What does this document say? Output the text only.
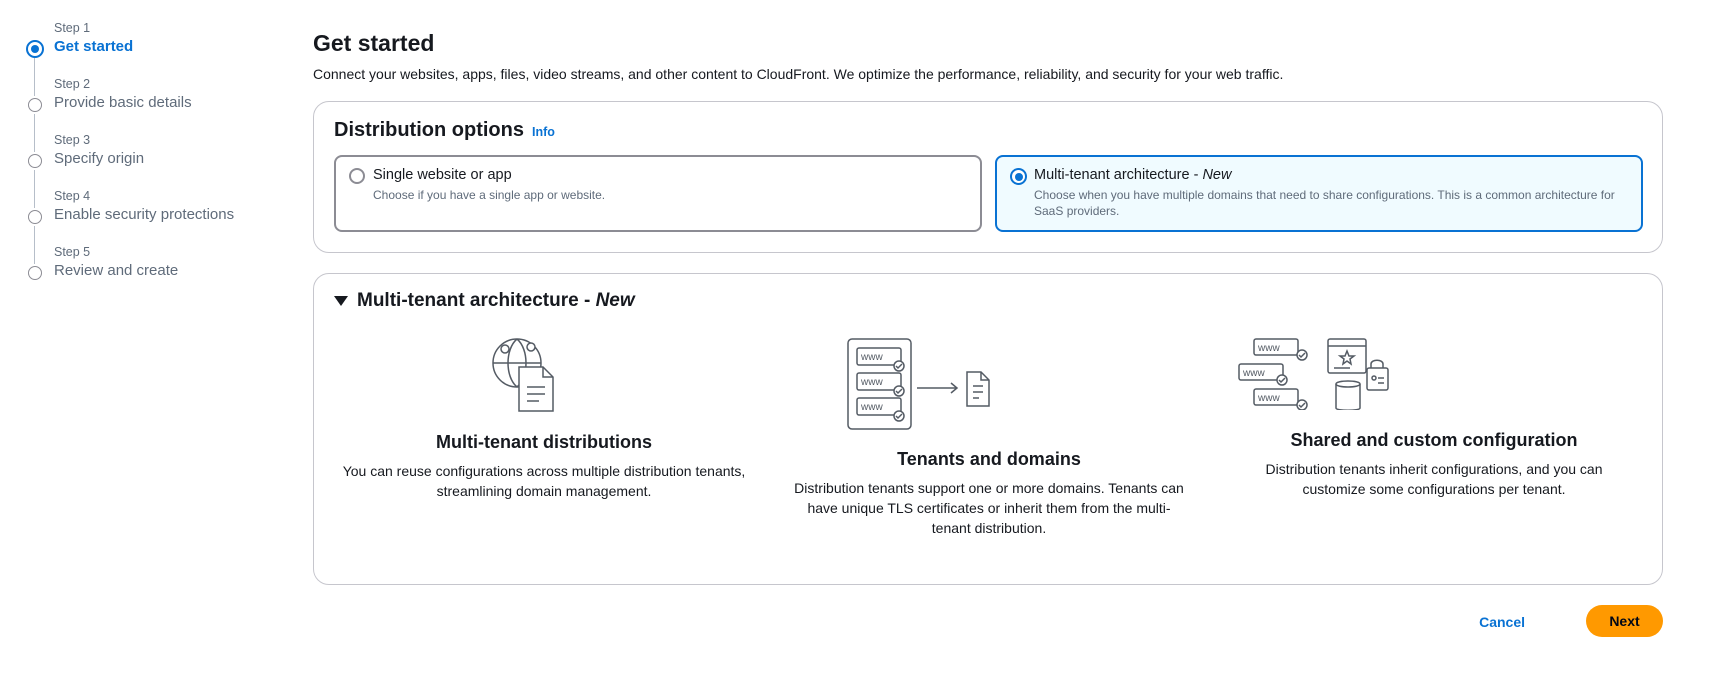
Step 1
Get started
Step 2
Provide basic details
Step 3
Specify origin
Step 4
Enable security protections
Step 5
Review and create
Get started

Connect your websites, apps, files, video streams, and other content to CloudFront. We optimize the performance, reliability, and security for your web traffic.

Distribution options Info
Single website or app
Choose if you have a single app or website.
Multi-tenant architecture - New
Choose when you have multiple domains that need to share configurations. This is a common architecture for SaaS providers.
Multi-tenant architecture - New
www
www
www
www
www
www
Multi-tenant distributions
You can reuse configurations across multiple distribution tenants, streamlining domain management.
Tenants and domains
Distribution tenants support one or more domains. Tenants can have unique TLS certificates or inherit them from the multi-tenant distribution.
Shared and custom configuration
Distribution tenants inherit configurations, and you can customize some configurations per tenant.
Cancel	Next
